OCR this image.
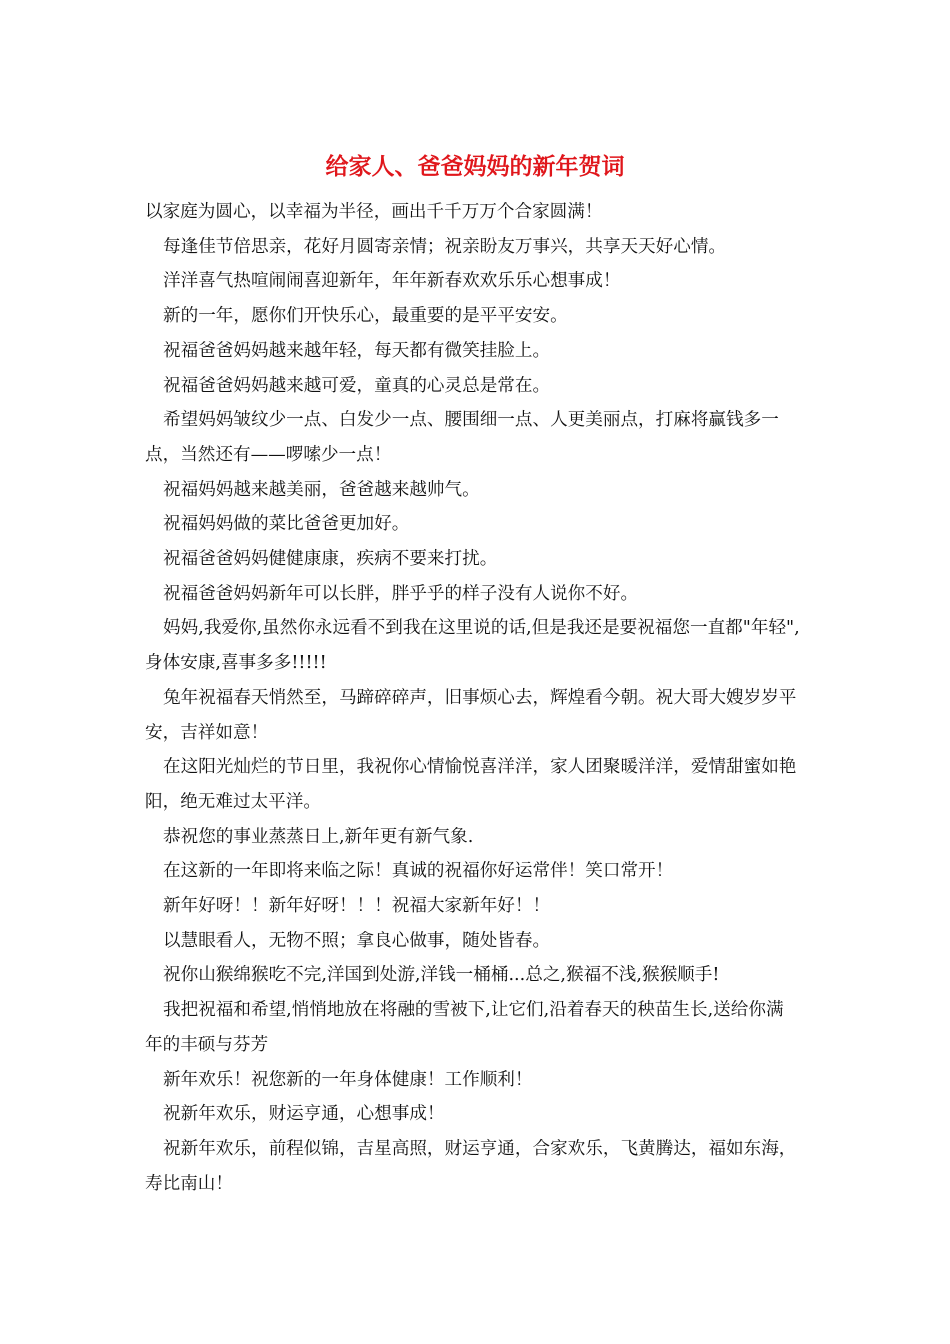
给家人、爸爸妈妈的新年贺词

以家庭为圆心，以幸福为半径，画出千千万万个合家圆满！

每逢佳节倍思亲，花好月圆寄亲情；祝亲盼友万事兴，共享天天好心情。

洋洋喜气热喧闹闹喜迎新年，年年新春欢欢乐乐心想事成！

新的一年，愿你们开快乐心，最重要的是平平安安。

祝福爸爸妈妈越来越年轻，每天都有微笑挂脸上。

祝福爸爸妈妈越来越可爱，童真的心灵总是常在。

希望妈妈皱纹少一点、白发少一点、腰围细一点、人更美丽点，打麻将赢钱多一点，当然还有——啰嗦少一点！

祝福妈妈越来越美丽，爸爸越来越帅气。

祝福妈妈做的菜比爸爸更加好。

祝福爸爸妈妈健健康康，疾病不要来打扰。

祝福爸爸妈妈新年可以长胖，胖乎乎的样子没有人说你不好。

妈妈,我爱你,虽然你永远看不到我在这里说的话,但是我还是要祝福您一直都"年轻",身体安康,喜事多多!!!!!

兔年祝福春天悄然至，马蹄碎碎声，旧事烦心去，辉煌看今朝。祝大哥大嫂岁岁平安，吉祥如意！

在这阳光灿烂的节日里，我祝你心情愉悦喜洋洋，家人团聚暖洋洋，爱情甜蜜如艳阳，绝无难过太平洋。

恭祝您的事业蒸蒸日上,新年更有新气象.

在这新的一年即将来临之际！真诚的祝福你好运常伴！笑口常开！

新年好呀！！新年好呀！！！祝福大家新年好！！

以慧眼看人，无物不照；拿良心做事，随处皆春。

祝你山猴绵猴吃不完,洋国到处游,洋钱一桶桶...总之,猴福不浅,猴猴顺手!

我把祝福和希望,悄悄地放在将融的雪被下,让它们,沿着春天的秧苗生长,送给你满年的丰硕与芬芳

新年欢乐！祝您新的一年身体健康！工作顺利！

祝新年欢乐，财运亨通，心想事成！

祝新年欢乐，前程似锦，吉星高照，财运亨通，合家欢乐，飞黄腾达，福如东海，寿比南山！
